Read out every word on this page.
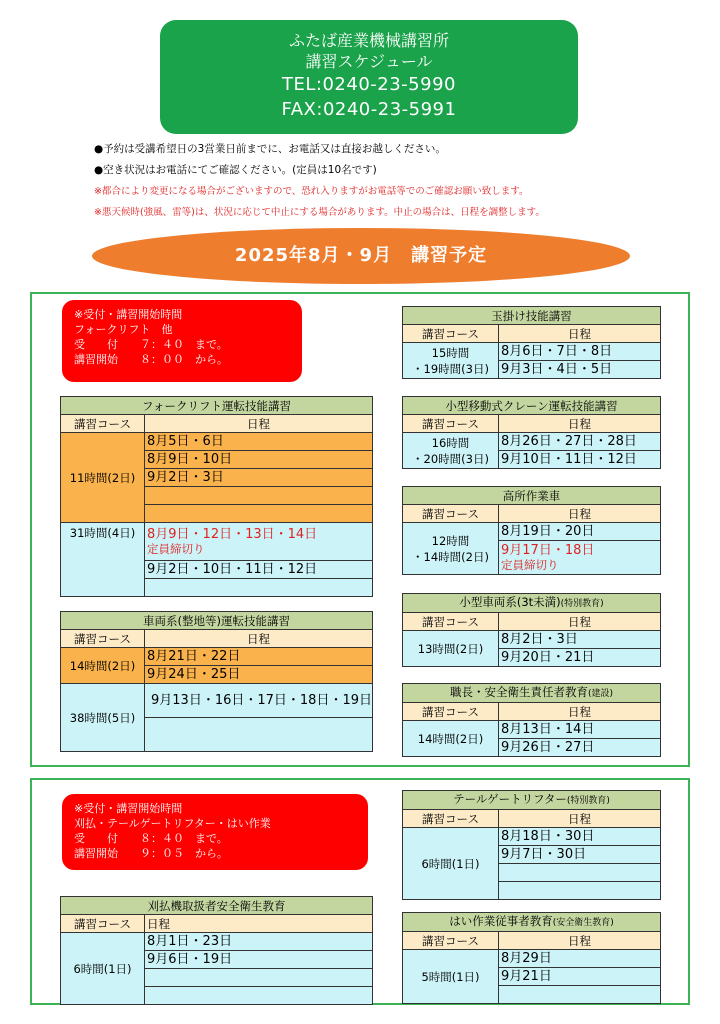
ふたば産業機械講習所
講習スケジュール
TEL:0240-23-5990
FAX:0240-23-5991
●予約は受講希望日の3営業日前までに、お電話又は直接お越しください。
●空き状況はお電話にてご確認ください。(定員は10名です)
※都合により変更になる場合がございますので、恐れ入りますがお電話等でのご確認お願い致します。
※悪天候時(強風、雷等)は、状況に応じて中止にする場合があります。中止の場合は、日程を調整します。
2025年8月・9月　講習予定
※受付・講習開始時間
フォークリフト　他
受　　付　　７：４０　まで。
講習開始　　８：００　から。
※受付・講習開始時間
刈払・テールゲートリフター・はい作業
受　　付　　８：４０　まで。
講習開始　　９：０５　から。
フォークリフト運転技能講習	
講習コース	日程
11時間(2日)	8月5日・6日
	8月9日・10日
	9月2日・3日

31時間(4日)	8月9日・12日・13日・14日
定員締切り

	9月2日・10日・11日・12日

車両系(整地等)運転技能講習	
講習コース	日程
14時間(2日)	8月21日・22日
	9月24日・25日
38時間(5日)	9月13日・16日・17日・18日・19日

玉掛け技能講習	
講習コース	日程

15時間
・19時間(3日)	8月6日・7日・8日
	9月3日・4日・5日
小型移動式クレーン運転技能講習	
講習コース	日程

16時間
・20時間(3日)	8月26日・27日・28日
	9月10日・11日・12日
高所作業車	
講習コース	日程

12時間
・14時間(2日)	8月19日・20日

	9月17日・18日
定員締切り
小型車両系(3t未満)(特別教育)	
講習コース	日程
13時間(2日)	8月2日・3日
	9月20日・21日
職長・安全衛生責任者教育(建設)	
講習コース	日程
14時間(2日)	8月13日・14日
	9月26日・27日
テールゲートリフター(特別教育)	
講習コース	日程
6時間(1日)	8月18日・30日
	9月7日・30日

刈払機取扱者安全衛生教育	
講習コース	日程
6時間(1日)	8月1日・23日
	9月6日・19日

はい作業従事者教育(安全衛生教育)	
講習コース	日程
5時間(1日)	8月29日
	9月21日
